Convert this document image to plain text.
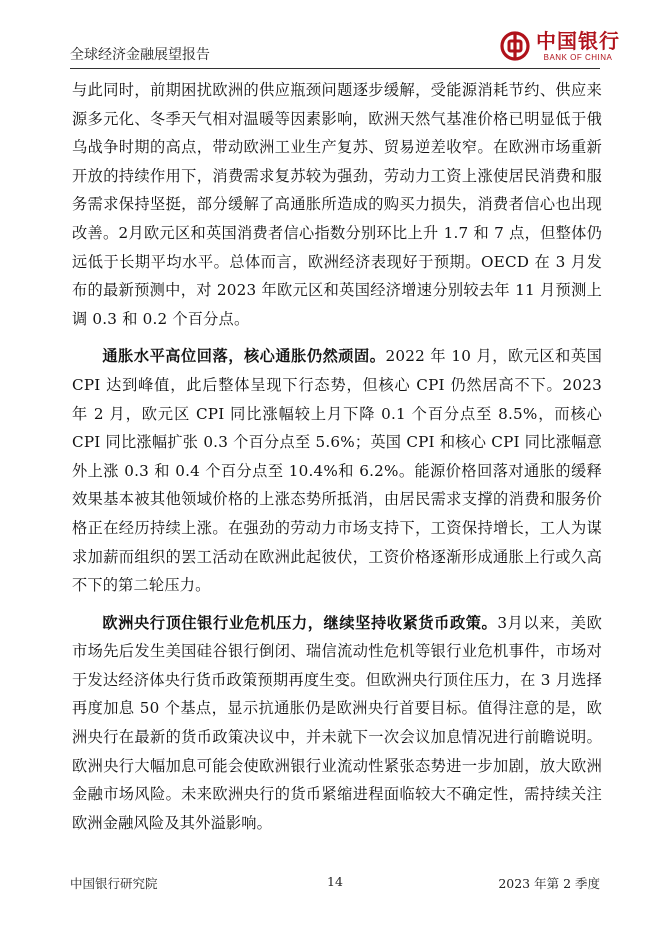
全球经济金融展望报告
中国银行
BANK OF CHINA

与此同时，前期困扰欧洲的供应瓶颈问题逐步缓解，受能源消耗节约、供应来源多元化、冬季天气相对温暖等因素影响，欧洲天然气基准价格已明显低于俄乌战争时期的高点，带动欧洲工业生产复苏、贸易逆差收窄。在欧洲市场重新开放的持续作用下，消费需求复苏较为强劲，劳动力工资上涨使居民消费和服务需求保持坚挺，部分缓解了高通胀所造成的购买力损失，消费者信心也出现改善。2月欧元区和英国消费者信心指数分别环比上升 1.7 和 7 点，但整体仍远低于长期平均水平。总体而言，欧洲经济表现好于预期。OECD 在 3 月发布的最新预测中，对 2023 年欧元区和英国经济增速分别较去年 11 月预测上调 0.3 和 0.2 个百分点。

通胀水平高位回落，核心通胀仍然顽固。2022 年 10 月，欧元区和英国 CPI 达到峰值，此后整体呈现下行态势，但核心 CPI 仍然居高不下。2023 年 2 月，欧元区 CPI 同比涨幅较上月下降 0.1 个百分点至 8.5%，而核心 CPI 同比涨幅扩张 0.3 个百分点至 5.6%；英国 CPI 和核心 CPI 同比涨幅意外上涨 0.3 和 0.4 个百分点至 10.4%和 6.2%。能源价格回落对通胀的缓释效果基本被其他领域价格的上涨态势所抵消，由居民需求支撑的消费和服务价格正在经历持续上涨。在强劲的劳动力市场支持下，工资保持增长，工人为谋求加薪而组织的罢工活动在欧洲此起彼伏，工资价格逐渐形成通胀上行或久高不下的第二轮压力。

欧洲央行顶住银行业危机压力，继续坚持收紧货币政策。3月以来，美欧市场先后发生美国硅谷银行倒闭、瑞信流动性危机等银行业危机事件，市场对于发达经济体央行货币政策预期再度生变。但欧洲央行顶住压力，在 3 月选择再度加息 50 个基点，显示抗通胀仍是欧洲央行首要目标。值得注意的是，欧洲央行在最新的货币政策决议中，并未就下一次会议加息情况进行前瞻说明。欧洲央行大幅加息可能会使欧洲银行业流动性紧张态势进一步加剧，放大欧洲金融市场风险。未来欧洲央行的货币紧缩进程面临较大不确定性，需持续关注欧洲金融风险及其外溢影响。

中国银行研究院	14	2023 年第 2 季度
